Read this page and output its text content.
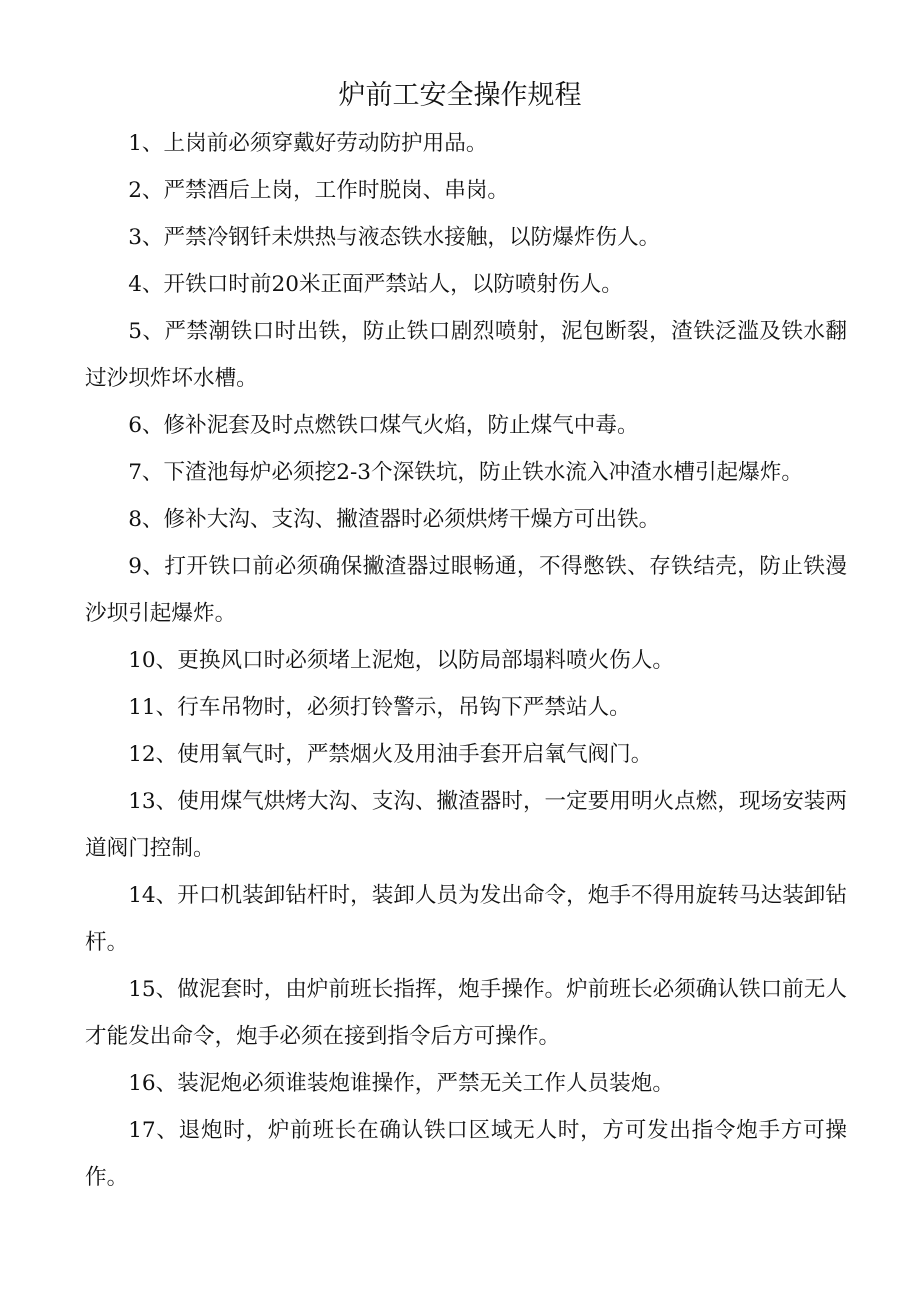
炉前工安全操作规程

1、上岗前必须穿戴好劳动防护用品。

2、严禁酒后上岗，工作时脱岗、串岗。

3、严禁冷钢钎未烘热与液态铁水接触，以防爆炸伤人。

4、开铁口时前20米正面严禁站人，以防喷射伤人。

5、严禁潮铁口时出铁，防止铁口剧烈喷射，泥包断裂，渣铁泛滥及铁水翻过沙坝炸坏水槽。

6、修补泥套及时点燃铁口煤气火焰，防止煤气中毒。

7、下渣池每炉必须挖2-3个深铁坑，防止铁水流入冲渣水槽引起爆炸。

8、修补大沟、支沟、撇渣器时必须烘烤干燥方可出铁。

9、打开铁口前必须确保撇渣器过眼畅通，不得憋铁、存铁结壳，防止铁漫沙坝引起爆炸。

10、更换风口时必须堵上泥炮，以防局部塌料喷火伤人。

11、行车吊物时，必须打铃警示，吊钩下严禁站人。

12、使用氧气时，严禁烟火及用油手套开启氧气阀门。

13、使用煤气烘烤大沟、支沟、撇渣器时，一定要用明火点燃，现场安装两道阀门控制。

14、开口机装卸钻杆时，装卸人员为发出命令，炮手不得用旋转马达装卸钻杆。

15、做泥套时，由炉前班长指挥，炮手操作。炉前班长必须确认铁口前无人才能发出命令，炮手必须在接到指令后方可操作。

16、装泥炮必须谁装炮谁操作，严禁无关工作人员装炮。

17、退炮时，炉前班长在确认铁口区域无人时，方可发出指令炮手方可操作。
